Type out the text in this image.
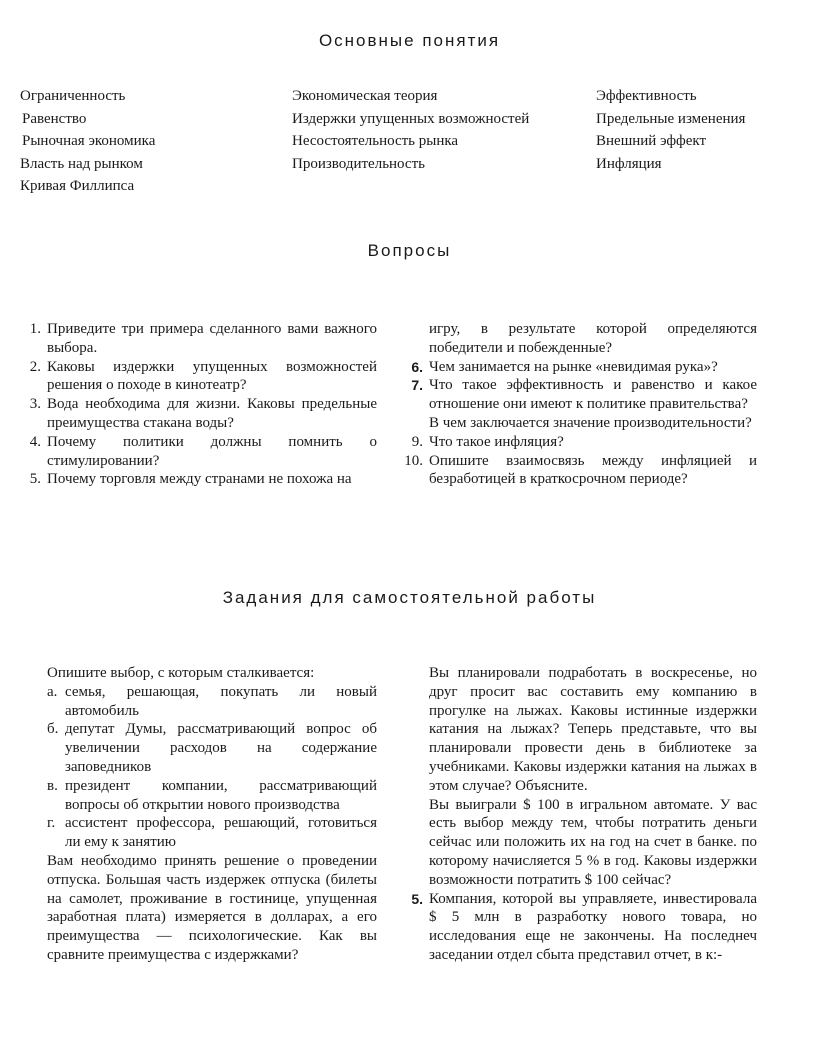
Основные понятия
Ограниченность
Равенство
Рыночная экономика
Власть над рынком
Кривая Филлипса
Экономическая теория
Издержки упущенных возможностей
Несостоятельность рынка
Производительность
Эффективность
Предельные изменения
Внешний эффект
Инфляция
Вопросы
1. Приведите три примера сделанного вами важного выбора.
2. Каковы издержки упущенных возможностей решения о походе в кинотеатр?
3. Вода необходима для жизни. Каковы предельные преимущества стакана воды?
4. Почему политики должны помнить о стимулировании?
5. Почему торговля между странами не похожа на
игру, в результате которой определяются победители и побежденные?
6. Чем занимается на рынке «невидимая рука»?
7. Что такое эффективность и равенство и какое отношение они имеют к политике правительства?
В чем заключается значение производительности?
9. Что такое инфляция?
10. Опишите взаимосвязь между инфляцией и безработицей в краткосрочном периоде?
Задания для самостоятельной работы
Опишите выбор, с которым сталкивается:
а. семья, решающая, покупать ли новый автомобиль
б. депутат Думы, рассматривающий вопрос об увеличении расходов на содержание заповедников
в. президент компании, рассматривающий вопросы об открытии нового производства
г. ассистент профессора, решающий, готовиться ли ему к занятию
Вам необходимо принять решение о проведении отпуска. Большая часть издержек отпуска (билеты на самолет, проживание в гостинице, упущенная заработная плата) измеряется в долларах, а его преимущества — психологические. Как вы сравните преимущества с издержками?
Вы планировали подработать в воскресенье, но друг просит вас составить ему компанию в прогулке на лыжах. Каковы истинные издержки катания на лыжах? Теперь представьте, что вы планировали провести день в библиотеке за учебниками. Каковы издержки катания на лыжах в этом случае? Объясните.
Вы выиграли $ 100 в игральном автомате. У вас есть выбор между тем, чтобы потратить деньги сейчас или положить их на год на счет в банке. по которому начисляется 5 % в год. Каковы издержки возможности потратить $ 100 сейчас?
5. Компания, которой вы управляете, инвестировала $ 5 млн в разработку нового товара, но исследования еще не закончены. На последнеч заседании отдел сбыта представил отчет, в к:-
